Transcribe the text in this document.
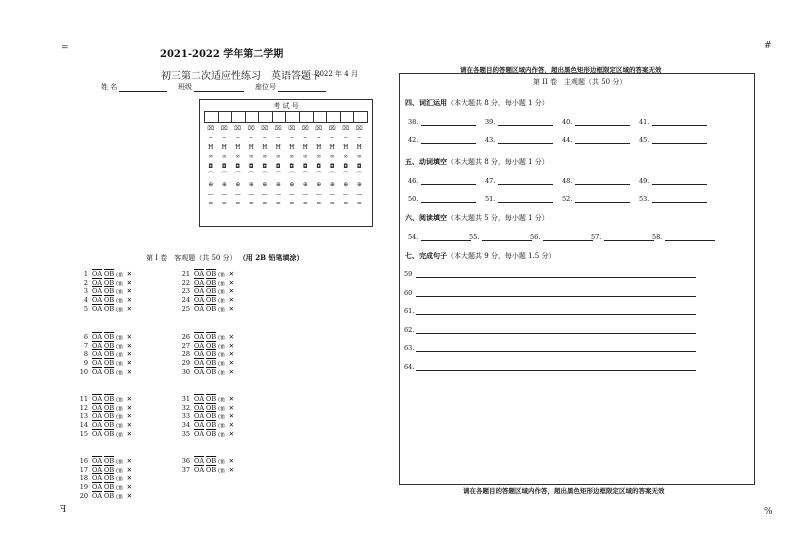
=	#
ꟻ	%
2021-2022 学年第二学期
初三第二次适应性练习　英语答题卡
2022 年 4 月
姓 名	班级	座位号
考 试 号
⌧	⌧	⌧	⌧	⌧	⌧	⌧	⌧	⌧	⌧	⌧	⌧
⌣	⌣	⌣	⌣	⌣	⌣	⌣	⌣	⌣	⌣	⌣	⌣
Ħ	Ħ	Ħ	Ħ	Ħ	Ħ	Ħ	Ħ	Ħ	Ħ	Ħ	Ħ
∞	∞	∞	∞	∞	∞	∞	∞	∞	∞	∞	∞
◘	◘	◘	◘	◘	◘	◘	◘	◘	◘	◘	◘
⌒	⌒	⌒	⌒	⌒	⌒	⌒	⌒	⌒	⌒	⌒	⌒
⊕	⊕	⊕	⊕	⊕	⊕	⊕	⊕	⊕	⊕	⊕	⊕
—	—	—	—	—	—	—	—	—	—	—	—
═	═	═	═	═	═	═	═	═	═	═	═
第 I 卷　客观题（共 50 分） （用 2B 铅笔填涂）
1 $\overline{OA}$ $\overline{OB}$ ㎝ ✕
2 $\overline{OA}$ $\overline{OB}$ ㎝ ✕
3 $\overline{OA}$ $\overline{OB}$ ㎝ ✕
4 $\overline{OA}$ $\overline{OB}$ ㎝ ✕
5 $\overline{OA}$ $\overline{OB}$ ㎝ ✕
6 $\overline{OA}$ $\overline{OB}$ ㎝ ✕
7 $\overline{OA}$ $\overline{OB}$ ㎝ ✕
8 $\overline{OA}$ $\overline{OB}$ ㎝ ✕
9 $\overline{OA}$ $\overline{OB}$ ㎝ ✕
10 $\overline{OA}$ $\overline{OB}$ ㎝ ✕
11 $\overline{OA}$ $\overline{OB}$ ㎝ ✕
12 $\overline{OA}$ $\overline{OB}$ ㎝ ✕
13 $\overline{OA}$ $\overline{OB}$ ㎝ ✕
14 $\overline{OA}$ $\overline{OB}$ ㎝ ✕
15 $\overline{OA}$ $\overline{OB}$ ㎝ ✕
16 $\overline{OA}$ $\overline{OB}$ ㎝ ✕
17 $\overline{OA}$ $\overline{OB}$ ㎝ ✕
18 $\overline{OA}$ $\overline{OB}$ ㎝ ✕
19 $\overline{OA}$ $\overline{OB}$ ㎝ ✕
20 $\overline{OA}$ $\overline{OB}$ ㎝ ✕
21 $\overline{OA}$ $\overline{OB}$ ㎝ ✕
22 $\overline{OA}$ $\overline{OB}$ ㎝ ✕
23 $\overline{OA}$ $\overline{OB}$ ㎝ ✕
24 $\overline{OA}$ $\overline{OB}$ ㎝ ✕
25 $\overline{OA}$ $\overline{OB}$ ㎝ ✕
26 $\overline{OA}$ $\overline{OB}$ ㎝ ✕
27 $\overline{OA}$ $\overline{OB}$ ㎝ ✕
28 $\overline{OA}$ $\overline{OB}$ ㎝ ✕
29 $\overline{OA}$ $\overline{OB}$ ㎝ ✕
30 $\overline{OA}$ $\overline{OB}$ ㎝ ✕
31 $\overline{OA}$ $\overline{OB}$ ㎝ ✕
32 $\overline{OA}$ $\overline{OB}$ ㎝ ✕
33 $\overline{OA}$ $\overline{OB}$ ㎝ ✕
34 $\overline{OA}$ $\overline{OB}$ ㎝ ✕
35 $\overline{OA}$ $\overline{OB}$ ㎝ ✕
36 $\overline{OA}$ $\overline{OB}$ ㎝ ✕
37 $\overline{OA}$ $\overline{OB}$ ㎝ ✕
请在各题目的答题区域内作答，超出黑色矩形边框限定区域的答案无效
第 II 卷　主观题（共 50 分）
四、词汇运用（本大题共 8 分，每小题 1 分）
38.	39.	40.	41.
42.	43.	44.	45.
五、动词填空（本大题共 8 分，每小题 1 分）
46.	47.	48.	49.
50.	51.	52.	53.
六、阅读填空（本大题共 5 分，每小题 1 分）
54.	55.	56.	57.	58.
七、完成句子（本大题共 9 分，每小题 1.5 分）
59
60
61.
62.
63.
64.
请在各题目的答题区域内作答，超出黑色矩形边框限定区域的答案无效
